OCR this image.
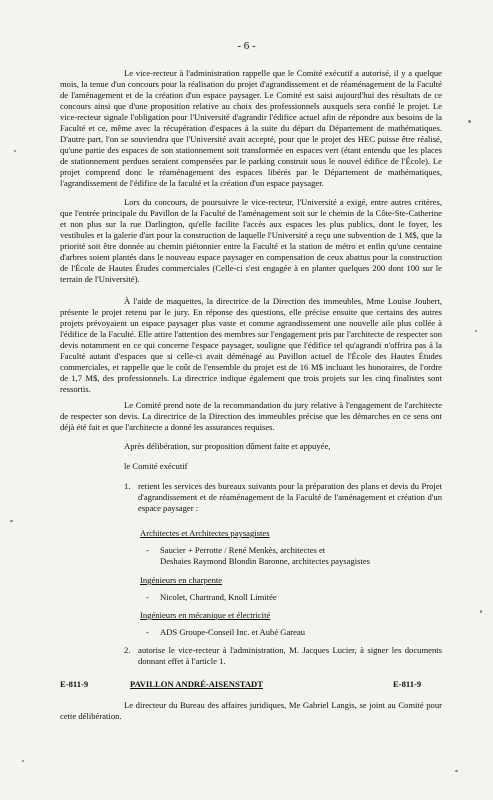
- 6 -
Le vice-recteur à l'administration rappelle que le Comité exécutif a autorisé, il y a quelque mois, la tenue d'un concours pour la réalisation du projet d'agrandissement et de réaménagement de la Faculté de l'aménagement et de la création d'un espace paysager. Le Comité est saisi aujourd'hui des résultats de ce concours ainsi que d'une proposition relative au choix des professionnels auxquels sera confié le projet. Le vice-recteur signale l'obligation pour l'Université d'agrandir l'édifice actuel afin de répondre aux besoins de la Faculté et ce, même avec la récupération d'espaces à la suite du départ du Département de mathématiques. D'autre part, l'on se souviendra que l'Université avait accepté, pour que le projet des HEC puisse être réalisé, qu'une partie des espaces de son stationnement soit transformée en espaces vert (étant entendu que les places de stationnement perdues seraient compensées par le parking construit sous le nouvel édifice de l'École). Le projet comprend donc le réaménagement des espaces libérés par le Département de mathématiques, l'agrandissement de l'édifice de la faculté et la création d'un espace paysager.
Lors du concours, de poursuivre le vice-recteur, l'Université a exigé, entre autres critères, que l'entrée principale du Pavillon de la Faculté de l'aménagement soit sur le chemin de la Côte-Ste-Catherine et non plus sur la rue Darlington, qu'elle facilite l'accès aux espaces les plus publics, dont le foyer, les vestibules et la galerie d'art pour la construction de laquelle l'Université a reçu une subvention de 1 M$, que la priorité soit être donnée au chemin piétonnier entre la Faculté et la station de métro et enfin qu'une centaine d'arbres soient plantés dans le nouveau espace paysager en compensation de ceux abattus pour la construction de l'École de Hautes Études commerciales (Celle-ci s'est engagée à en planter quelques 200 dont 100 sur le terrain de l'Université).
À l'aide de maquettes, la directrice de la Direction des immeubles, Mme Louise Joubert, présente le projet retenu par le jury. En réponse des questions, elle précise ensuite que certains des autres projets prévoyaient un espace paysager plus vaste et comme agrandissement une nouvelle aile plus collée à l'édifice de la Faculté. Elle attire l'attention des membres sur l'engagement pris par l'architecte de respecter son devis notamment en ce qui concerne l'espace paysager, souligne que l'édifice tel qu'agrandi n'offrira pas à la Faculté autant d'espaces que si celle-ci avait déménagé au Pavillon actuel de l'École des Hautes Études commerciales, et rappelle que le coût de l'ensemble du projet est de 16 M$ incluant les honoraires, de l'ordre de 1,7 M$, des professionnels. La directrice indique également que trois projets sur les cinq finalistes sont ressortis.
Le Comité prend note de la recommandation du jury relative à l'engagement de l'architecte de respecter son devis. La directrice de la Direction des immeubles précise que les démarches en ce sens ont déjà été fait et que l'architecte a donné les assurances requises.
Après délibération, sur proposition dûment faite et appuyée,
le Comité exécutif
1. retient les services des bureaux suivants pour la préparation des plans et devis du Projet d'agrandissement et de réaménagement de la Faculté de l'aménagement et création d'un espace paysager :
Architectes et Architectes paysagistes
- Saucier + Perrotte / René Menkès, architectes et
Deshaies Raymond Blondin Baronne, architectes paysagistes
Ingénieurs en charpente
- Nicolet, Chartrand, Knoll Limitée
Ingénieurs en mécanique et électricité
- ADS Groupe-Conseil Inc. et Aubé Gareau
2. autorise le vice-recteur à l'administration, M. Jacques Lucier, à signer les documents donnant effet à l'article 1.
E-811-9	PAVILLON ANDRÉ-AISENSTADT	E-811-9
Le directeur du Bureau des affaires juridiques, Me Gabriel Langis, se joint au Comité pour cette délibération.
